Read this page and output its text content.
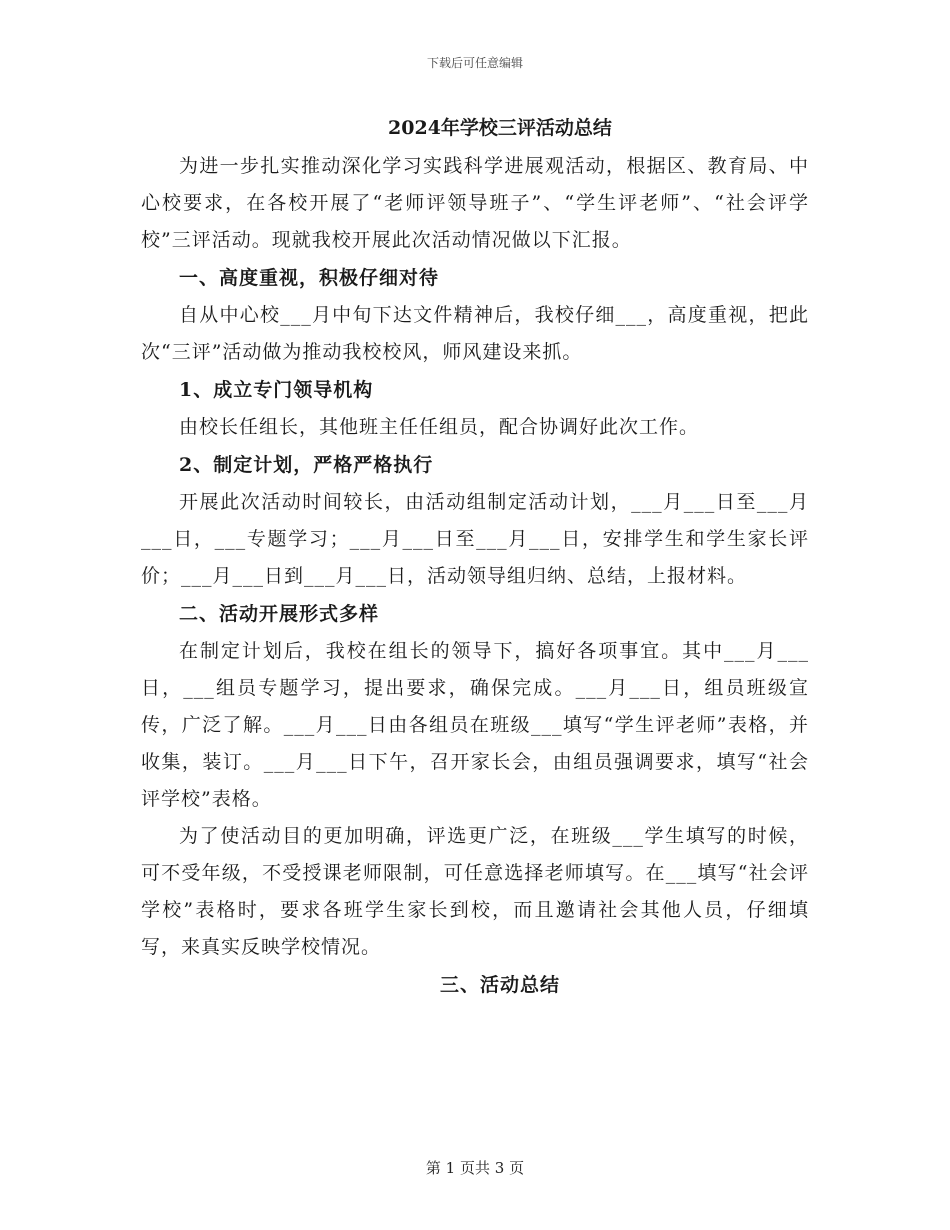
下载后可任意编辑
2024年学校三评活动总结

为进一步扎实推动深化学习实践科学进展观活动，根据区、教育局、中心校要求，在各校开展了“老师评领导班子”、“学生评老师”、“社会评学校”三评活动。现就我校开展此次活动情况做以下汇报。

一、高度重视，积极仔细对待

自从中心校___月中旬下达文件精神后，我校仔细___，高度重视，把此次“三评”活动做为推动我校校风，师风建设来抓。

1、成立专门领导机构

由校长任组长，其他班主任任组员，配合协调好此次工作。

2、制定计划，严格严格执行

开展此次活动时间较长，由活动组制定活动计划，___月___日至___月___日，___专题学习；___月___日至___月___日，安排学生和学生家长评价；___月___日到___月___日，活动领导组归纳、总结，上报材料。

二、活动开展形式多样

在制定计划后，我校在组长的领导下，搞好各项事宜。其中___月___日，___组员专题学习，提出要求，确保完成。___月___日，组员班级宣传，广泛了解。___月___日由各组员在班级___填写“学生评老师”表格，并收集，装订。___月___日下午，召开家长会，由组员强调要求，填写“社会评学校”表格。

为了使活动目的更加明确，评选更广泛，在班级___学生填写的时候，可不受年级，不受授课老师限制，可任意选择老师填写。在___填写“社会评学校”表格时，要求各班学生家长到校，而且邀请社会其他人员，仔细填写，来真实反映学校情况。

三、活动总结
第 1 页共 3 页
